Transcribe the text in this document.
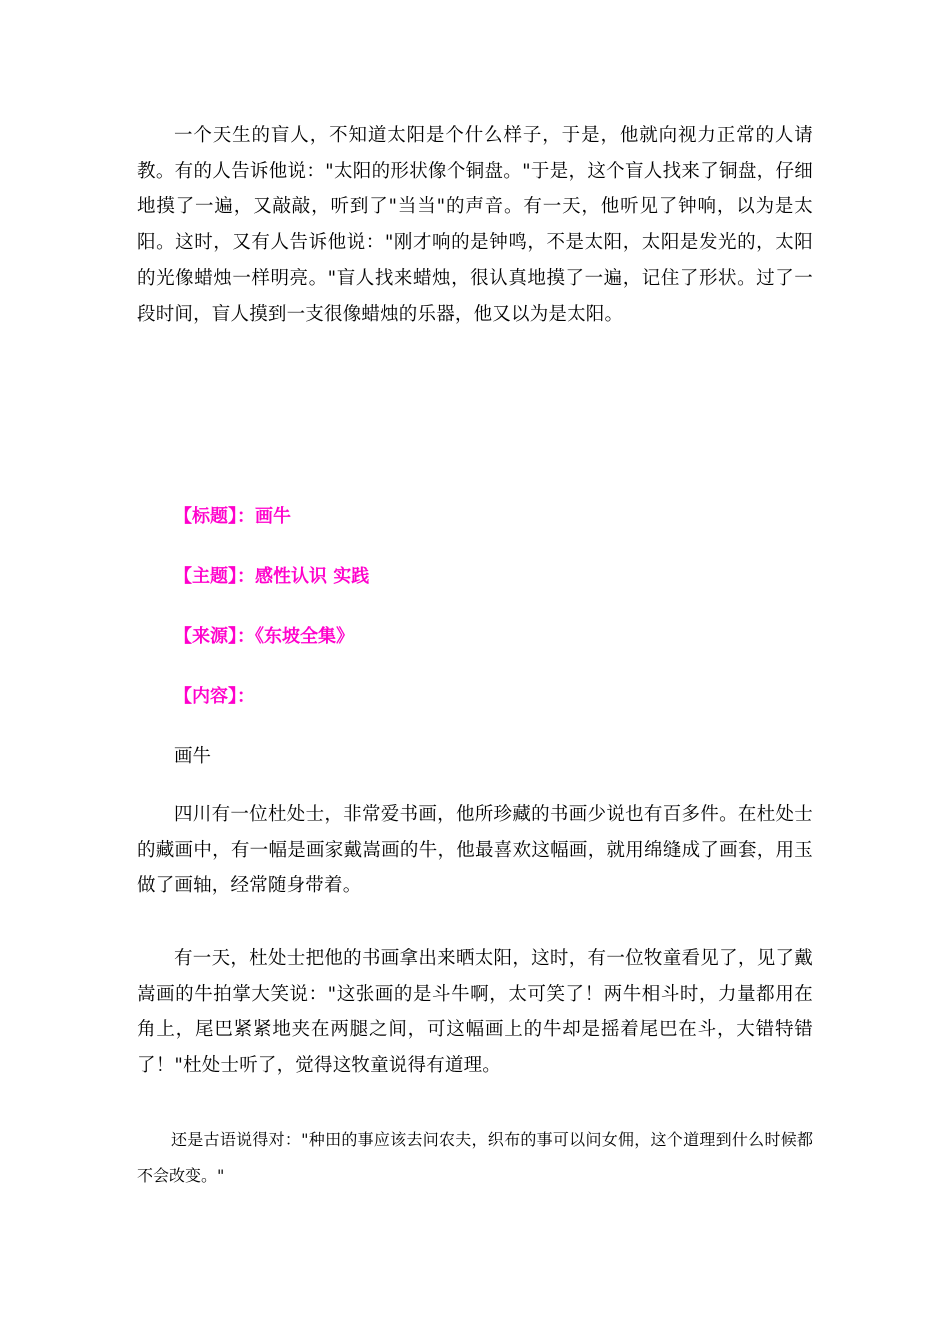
一个天生的盲人，不知道太阳是个什么样子，于是，他就向视力正常的人请教。有的人告诉他说："太阳的形状像个铜盘。"于是，这个盲人找来了铜盘，仔细地摸了一遍，又敲敲，听到了"当当"的声音。有一天，他听见了钟响，以为是太阳。这时，又有人告诉他说："刚才响的是钟鸣，不是太阳，太阳是发光的，太阳的光像蜡烛一样明亮。"盲人找来蜡烛，很认真地摸了一遍，记住了形状。过了一段时间，盲人摸到一支很像蜡烛的乐器，他又以为是太阳。

【标题】：画牛

【主题】：感性认识 实践

【来源】：《东坡全集》

【内容】：

画牛

四川有一位杜处士，非常爱书画，他所珍藏的书画少说也有百多件。在杜处士的藏画中，有一幅是画家戴嵩画的牛，他最喜欢这幅画，就用绵缝成了画套，用玉做了画轴，经常随身带着。

有一天，杜处士把他的书画拿出来晒太阳，这时，有一位牧童看见了，见了戴嵩画的牛拍掌大笑说："这张画的是斗牛啊，太可笑了！两牛相斗时，力量都用在角上，尾巴紧紧地夹在两腿之间，可这幅画上的牛却是摇着尾巴在斗，大错特错了！"杜处士听了，觉得这牧童说得有道理。

还是古语说得对："种田的事应该去问农夫，织布的事可以问女佣，这个道理到什么时候都不会改变。"
